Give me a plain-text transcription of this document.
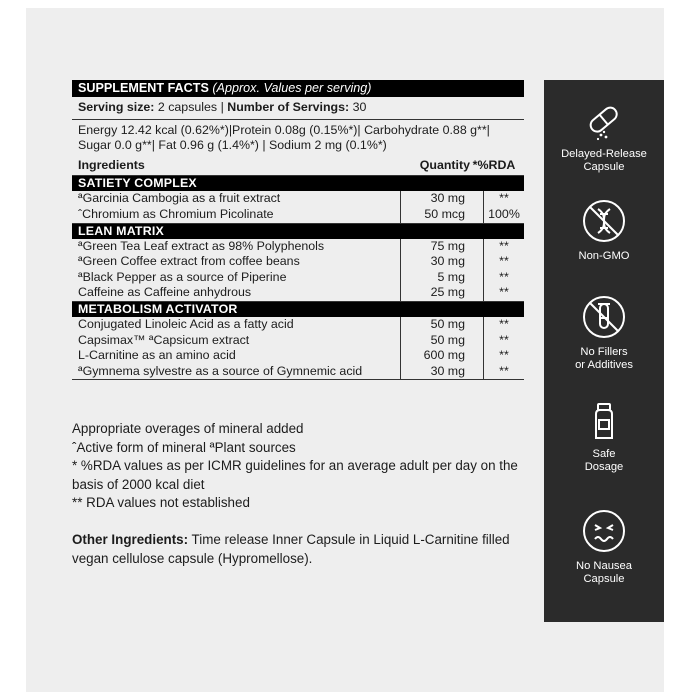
SUPPLEMENT FACTS (Approx. Values per serving)
Serving size: 2 capsules | Number of Servings: 30
Energy 12.42 kcal (0.62%*)|Protein 0.08g (0.15%*)| Carbohydrate 0.88 g**|
Sugar 0.0 g**| Fat 0.96 g (1.4%*) | Sodium 2 mg (0.1%*)
Ingredients	Quantity *%RDA
SATIETY COMPLEX
ªGarcinia Cambogia as a fruit extract	30 mg	**
ˆChromium as Chromium Picolinate	50 mcg	100%
LEAN MATRIX
ªGreen Tea Leaf extract as 98% Polyphenols	75 mg	**
ªGreen Coffee extract from coffee beans	30 mg	**
ªBlack Pepper as a source of Piperine	5 mg	**
Caffeine as Caffeine anhydrous	25 mg	**
METABOLISM ACTIVATOR
Conjugated Linoleic Acid as a fatty acid	50 mg	**
Capsimax™ ªCapsicum extract	50 mg	**
L-Carnitine as an amino acid	600 mg	**
ªGymnema sylvestre as a source of Gymnemic acid	30 mg	**

Appropriate overages of mineral added

ˆActive form of mineral ªPlant sources

* %RDA values as per ICMR guidelines for an average adult per day on the basis of 2000 kcal diet

** RDA values not established

Other Ingredients: Time release Inner Capsule in Liquid L-Carnitine filled vegan cellulose capsule (Hypromellose).
Delayed-Release
Capsule
Non-GMO
No Fillers
or Additives
Safe
Dosage
No Nausea
Capsule
